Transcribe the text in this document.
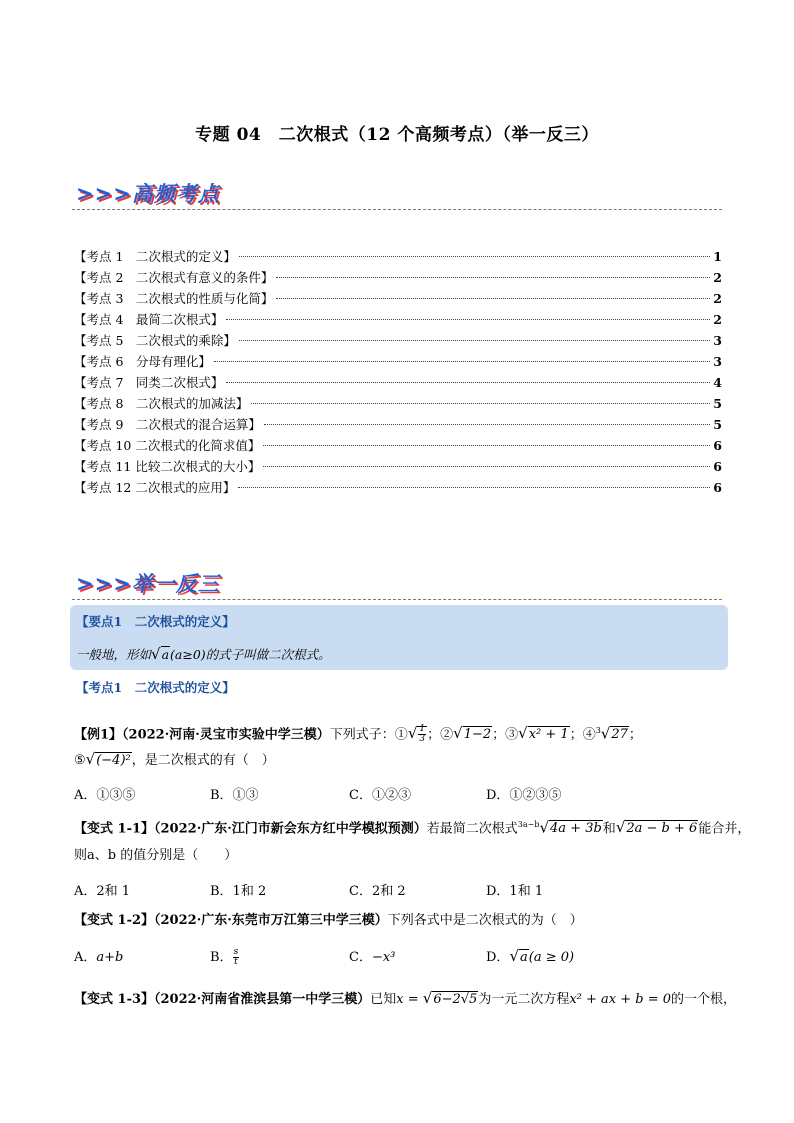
专题 04　二次根式（12 个高频考点）（举一反三）
>>>高频考点
【考点 1　二次根式的定义】	1
【考点 2　二次根式有意义的条件】	2
【考点 3　二次根式的性质与化简】	2
【考点 4　最简二次根式】	2
【考点 5　二次根式的乘除】	3
【考点 6　分母有理化】	3
【考点 7　同类二次根式】	4
【考点 8　二次根式的加减法】	5
【考点 9　二次根式的混合运算】	5
【考点 10 二次根式的化简求值】	6
【考点 11 比较二次根式的大小】	6
【考点 12 二次根式的应用】	6
>>>举一反三
【要点1　二次根式的定义】
一般地，形如√a(a≥0)的式子叫做二次根式。
【考点1　二次根式的定义】
【例1】（2022·河南·灵宝市实验中学三模）下列式子：①√ $\frac{1}{3}$ ；②√1−2；③√x² + 1；④$^3$√27；
⑤√(−4)²，是二次根式的有（　）
A．①③⑤	B．①③	C．①②③	D．①②③⑤
【变式 1-1】（2022·广东·江门市新会东方红中学模拟预测）若最简二次根式$^{3a-b}$√4a + 3b和√2a − b + 6能合并，
则a、b 的值分别是（　　）
A．2和 1	B．1和 2	C．2和 2	D．1和 1
【变式 1-2】（2022·广东·东莞市万江第三中学三模）下列各式中是二次根式的为（　）
A．a+b	B． $\frac{s}{t}$	C．−x³	D．√a(a ≥ 0)
【变式 1-3】（2022·河南省淮滨县第一中学三模）已知x = √6−2√5为一元二次方程x² + ax + b = 0的一个根，
